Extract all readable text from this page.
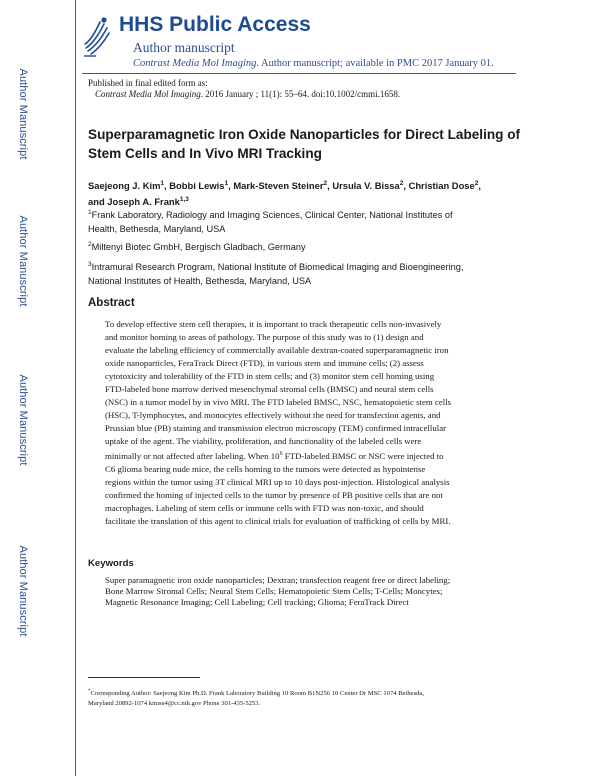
Author Manuscript
Author Manuscript
Author Manuscript
Author Manuscript
HHS Public Access
Author manuscript
Contrast Media Mol Imaging. Author manuscript; available in PMC 2017 January 01.
Published in final edited form as:
Contrast Media Mol Imaging. 2016 January ; 11(1): 55–64. doi:10.1002/cmmi.1658.
Superparamagnetic Iron Oxide Nanoparticles for Direct Labeling of Stem Cells and In Vivo MRI Tracking
Saejeong J. Kim$^1$, Bobbi Lewis$^1$, Mark-Steven Steiner$^2$, Ursula V. Bissa$^2$, Christian Dose$^2$,
and Joseph A. Frank$^{1,3}$
$^1$Frank Laboratory, Radiology and Imaging Sciences, Clinical Center, National Institutes of
Health, Bethesda, Maryland, USA
$^2$Miltenyi Biotec GmbH, Bergisch Gladbach, Germany
$^3$Intramural Research Program, National Institute of Biomedical Imaging and Bioengineering,
National Institutes of Health, Bethesda, Maryland, USA
Abstract
To develop effective stem cell therapies, it is important to track therapeutic cells non-invasively
and monitor homing to areas of pathology. The purpose of this study was to (1) design and
evaluate the labeling efficiency of commercially available dextran-coated superparamagnetic iron
oxide nanoparticles, FeraTrack Direct (FTD), in various stem and immune cells; (2) assess
cytotoxicity and tolerability of the FTD in stem cells; and (3) monitor stem cell homing using
FTD-labeled bone marrow derived mesenchymal stromal cells (BMSC) and neural stem cells
(NSC) in a tumor model by in vivo MRI. The FTD labeled BMSC, NSC, hematopoietic stem cells
(HSC), T-lymphocytes, and monocytes effectively without the need for transfection agents, and
Prussian blue (PB) staining and transmission electron microscopy (TEM) confirmed intracellular
uptake of the agent. The viability, proliferation, and functionality of the labeled cells were
minimally or not affected after labeling. When $10^6$ FTD-labeled BMSC or NSC were injected to
C6 glioma bearing nude mice, the cells homing to the tumors were detected as hypointense
regions within the tumor using 3T clinical MRI up to 10 days post-injection. Histological analysis
confirmed the homing of injected cells to the tumor by presence of PB positive cells that are not
macrophages. Labeling of stem cells or immune cells with FTD was non-toxic, and should
facilitate the translation of this agent to clinical trials for evaluation of trafficking of cells by MRI.
Keywords
Super paramagnetic iron oxide nanoparticles; Dextran; transfection reagent free or direct labeling;
Bone Marrow Stromal Cells; Neural Stem Cells; Hematopoietic Stem Cells; T-Cells; Moncytes;
Magnetic Resonance Imaging; Cell Labeling; Cell tracking; Glioma; FeraTrack Direct
*Corresponding Author: Saejeong Kim Ph.D. Frank Laboratory Building 10 Room B1N256 10 Center Dr MSC 1074 Bethesda,
Maryland 20892-1074 kimse4@cc.nih.gov Phone 301-435-5253.
